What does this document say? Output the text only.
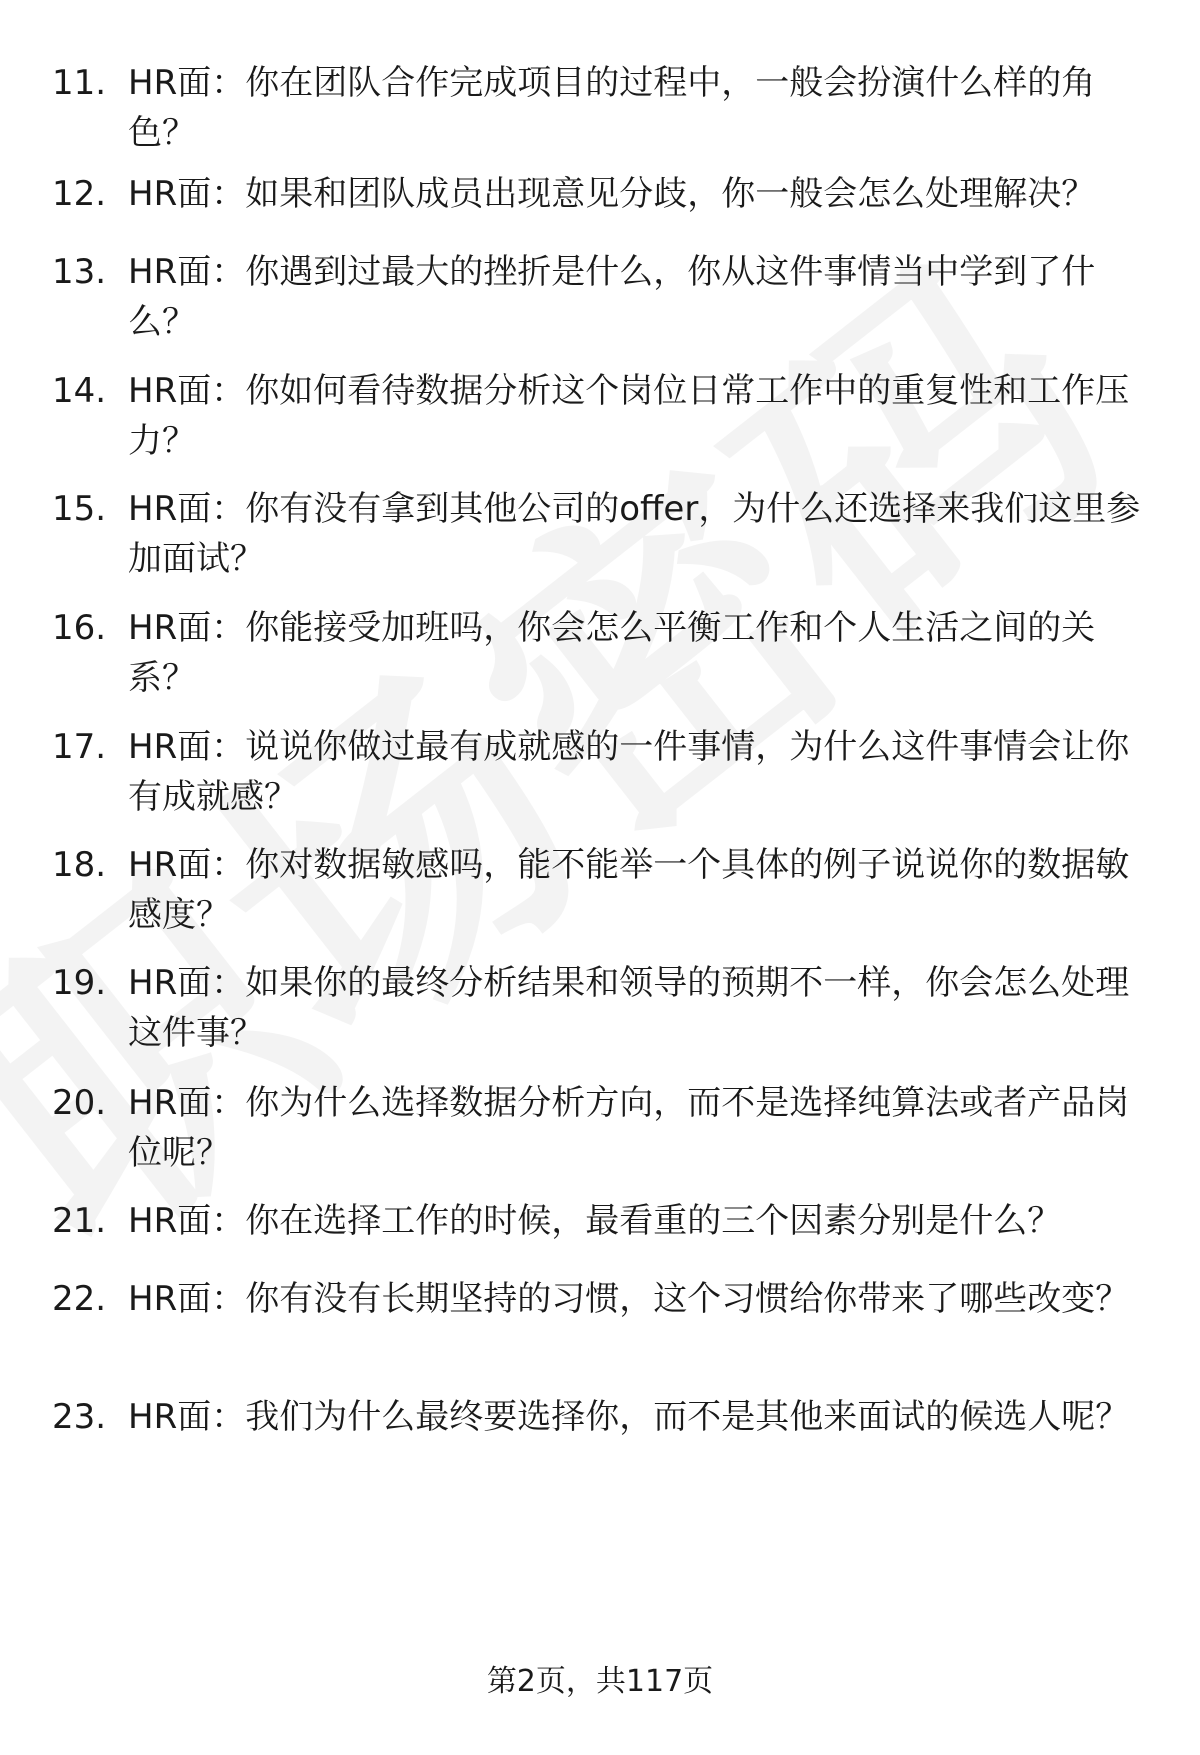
11. HR面：你在团队合作完成项目的过程中，一般会扮演什么样的角色？
12. HR面：如果和团队成员出现意见分歧，你一般会怎么处理解决？
13. HR面：你遇到过最大的挫折是什么，你从这件事情当中学到了什么？
14. HR面：你如何看待数据分析这个岗位日常工作中的重复性和工作压力？
15. HR面：你有没有拿到其他公司的offer，为什么还选择来我们这里参加面试？
16. HR面：你能接受加班吗，你会怎么平衡工作和个人生活之间的关系？
17. HR面：说说你做过最有成就感的一件事情，为什么这件事情会让你有成就感？
18. HR面：你对数据敏感吗，能不能举一个具体的例子说说你的数据敏感度？
19. HR面：如果你的最终分析结果和领导的预期不一样，你会怎么处理这件事？
20. HR面：你为什么选择数据分析方向，而不是选择纯算法或者产品岗位呢？
21. HR面：你在选择工作的时候，最看重的三个因素分别是什么？
22. HR面：你有没有长期坚持的习惯，这个习惯给你带来了哪些改变？
23. HR面：我们为什么最终要选择你，而不是其他来面试的候选人呢？
第2页，共117页
